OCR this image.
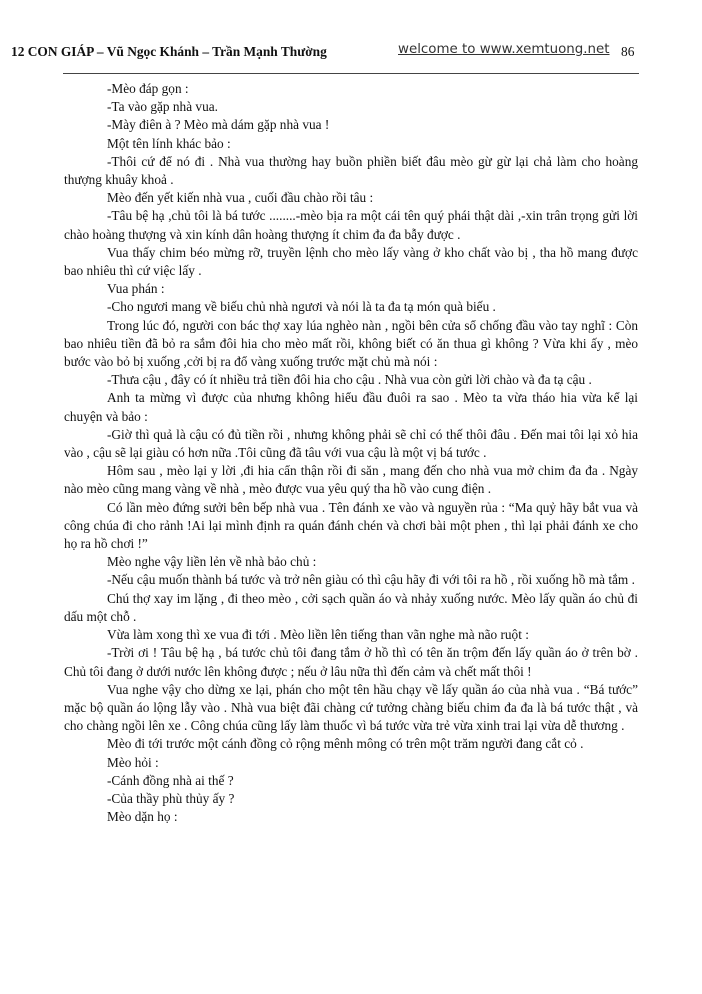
12 CON GIÁP – Vũ Ngọc Khánh – Trần Mạnh Thường	welcome to www.xemtuong.net 86

-Mèo đáp gọn :

-Ta vào gặp nhà vua.

-Mày điên à ? Mèo mà dám gặp nhà vua !

Một tên lính khác bảo :

-Thôi cứ để nó đi . Nhà vua thường hay buồn phiền biết đâu mèo gừ gừ lại chả làm cho hoàng thượng khuây khoả .

Mèo đến yết kiến nhà vua , cuối đầu chào rồi tâu :

-Tâu bệ hạ ,chủ tôi là bá tước ........-mèo bịa ra một cái tên quý phái thật dài ,-xin trân trọng gửi lời chào hoàng thượng và xin kính dân hoàng thượng ít chim đa đa bẫy được .

Vua thấy chim béo mừng rỡ, truyền lệnh cho mèo lấy vàng ở kho chất vào bị , tha hồ mang được bao nhiêu thì cứ việc lấy .

Vua phán :

-Cho ngươi mang về biếu chủ nhà ngươi và nói là ta đa tạ món quà biếu .

Trong lúc đó, người con bác thợ xay lúa nghèo nàn , ngồi bên cửa sổ chống đầu vào tay nghĩ : Còn bao nhiêu tiền đã bỏ ra sắm đôi hia cho mèo mất rồi, không biết có ăn thua gì không ? Vừa khi ấy , mèo bước vào bỏ bị xuống ,cởi bị ra đổ vàng xuống trước mặt chủ mà nói :

-Thưa cậu , đây có ít nhiều trả tiền đôi hia cho cậu . Nhà vua còn gửi lời chào và đa tạ cậu .

Anh ta mừng vì được của nhưng không hiểu đầu đuôi ra sao . Mèo ta vừa tháo hia vừa kể lại chuyện và bảo :

-Giờ thì quả là cậu có đủ tiền rồi , nhưng không phải sẽ chỉ có thế thôi đâu . Đến mai tôi lại xỏ hia vào , cậu sẽ lại giàu có hơn nữa .Tôi cũng đã tâu với vua cậu là một vị bá tước .

Hôm sau , mèo lại y lời ,đi hia cẩn thận rồi đi săn , mang đến cho nhà vua mở chim đa đa . Ngày nào mèo cũng mang vàng về nhà , mèo được vua yêu quý tha hồ vào cung điện .

Có lần mèo đứng sưởi bên bếp nhà vua . Tên đánh xe vào và nguyền rủa : “Ma quỷ hãy bắt vua và công chúa đi cho rảnh !Ai lại mình định ra quán đánh chén và chơi bài một phen , thì lại phải đánh xe cho họ ra hồ chơi !”

Mèo nghe vậy liền lẻn về nhà bảo chủ :

-Nếu cậu muốn thành bá tước và trở nên giàu có thì cậu hãy đi với tôi ra hồ , rồi xuống hồ mà tắm .

Chú thợ xay im lặng , đi theo mèo , cởi sạch quần áo và nhảy xuống nước. Mèo lấy quần áo chủ đi dấu một chỗ .

Vừa làm xong thì xe vua đi tới . Mèo liền lên tiếng than vãn nghe mà não ruột :

-Trời ơi ! Tâu bệ hạ , bá tước chủ tôi đang tắm ở hồ thì có tên ăn trộm đến lấy quần áo ở trên bờ . Chủ tôi đang ở dưới nước lên không được ; nếu ở lâu nữa thì đến cảm và chết mất thôi !

Vua nghe vậy cho dừng xe lại, phán cho một tên hầu chạy về lấy quần áo của nhà vua . “Bá tước” mặc bộ quần áo lộng lẫy vào . Nhà vua biệt đãi chàng cứ tưởng chàng biếu chim đa đa là bá tước thật , và cho chàng ngồi lên xe . Công chúa cũng lấy làm thuốc vì bá tước vừa trẻ vừa xinh trai lại vừa dễ thương .

Mèo đi tới trước một cánh đồng cỏ rộng mênh mông có trên một trăm người đang cắt cỏ .

Mèo hỏi :

-Cánh đồng nhà ai thế ?

-Của thầy phù thủy ấy ?

Mèo dặn họ :
